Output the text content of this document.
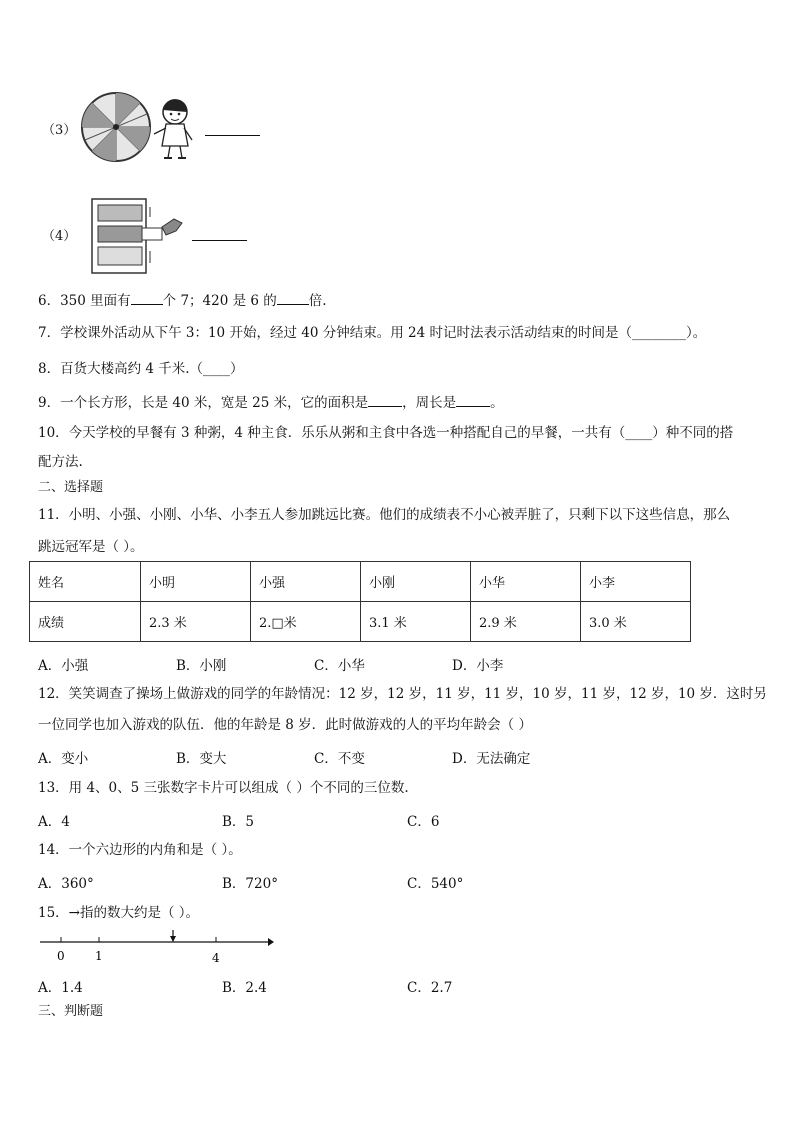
（3）
（4）
6．350 里面有 个 7；420 是 6 的 倍.
7．学校课外活动从下午 3：10 开始，经过 40 分钟结束。用 24 时记时法表示活动结束的时间是（________）。
8．百货大楼高约 4 千米.（____）
9．一个长方形，长是 40 米，宽是 25 米，它的面积是	，周长是	。
10．今天学校的早餐有 3 种粥，4 种主食．乐乐从粥和主食中各选一种搭配自己的早餐，一共有（____）种不同的搭
配方法.
二、选择题
11．小明、小强、小刚、小华、小李五人参加跳远比赛。他们的成绩表不小心被弄脏了，只剩下以下这些信息，那么
跳远冠军是（ ）。
姓名	小明	小强	小刚	小华	小李
成绩	2.3 米	2.□米	3.1 米	2.9 米	3.0 米
A．小强	B．小刚	C．小华	D．小李
12．笑笑调查了操场上做游戏的同学的年龄情况：12 岁，12 岁，11 岁，11 岁，10 岁，11 岁，12 岁，10 岁．这时另
一位同学也加入游戏的队伍．他的年龄是 8 岁．此时做游戏的人的平均年龄会（ ）
A．变小	B．变大	C．不变	D．无法确定
13．用 4、0、5 三张数字卡片可以组成（ ）个不同的三位数.
A．4	B．5	C．6
14．一个六边形的内角和是（ ）。
A．360°	B．720°	C．540°
15．→指的数大约是（ ）。
0	1	4
A．1.4	B．2.4	C．2.7
三、判断题
